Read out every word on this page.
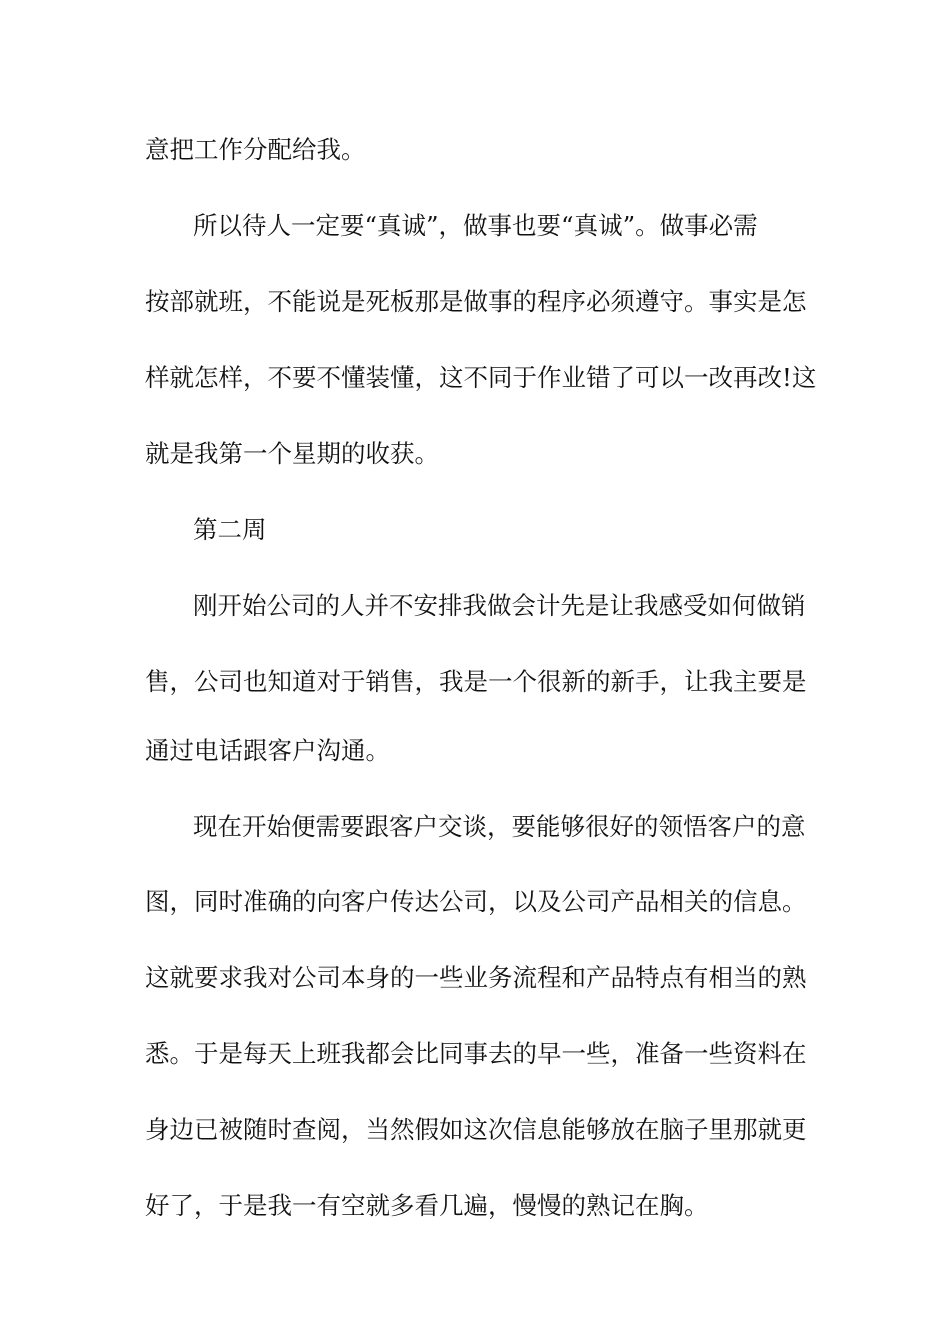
意把工作分配给我。

所以待人一定要“真诚”，做事也要“真诚”。做事必需

按部就班，不能说是死板那是做事的程序必须遵守。事实是怎

样就怎样，不要不懂装懂，这不同于作业错了可以一改再改!这

就是我第一个星期的收获。

第二周

刚开始公司的人并不安排我做会计先是让我感受如何做销

售，公司也知道对于销售，我是一个很新的新手，让我主要是

通过电话跟客户沟通。

现在开始便需要跟客户交谈，要能够很好的领悟客户的意

图，同时准确的向客户传达公司，以及公司产品相关的信息。

这就要求我对公司本身的一些业务流程和产品特点有相当的熟

悉。于是每天上班我都会比同事去的早一些，准备一些资料在

身边已被随时查阅，当然假如这次信息能够放在脑子里那就更

好了，于是我一有空就多看几遍，慢慢的熟记在胸。
